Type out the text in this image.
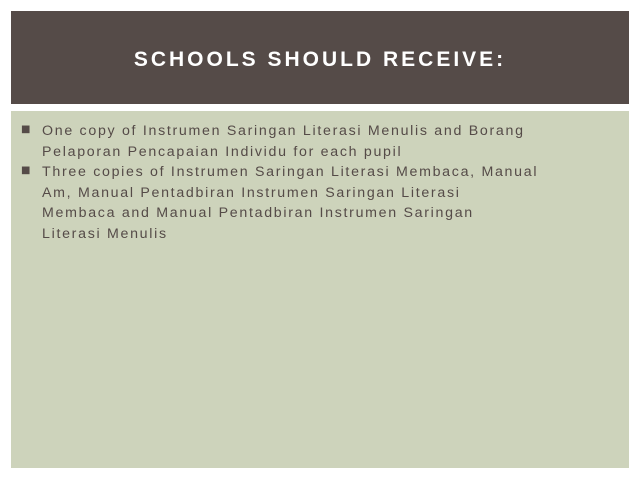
SCHOOLS SHOULD RECEIVE:
■ One copy of Instrumen Saringan Literasi Menulis and Borang
Pelaporan Pencapaian Individu for each pupil
■ Three copies of Instrumen Saringan Literasi Membaca, Manual
Am, Manual Pentadbiran Instrumen Saringan Literasi
Membaca and Manual Pentadbiran Instrumen Saringan
Literasi Menulis
